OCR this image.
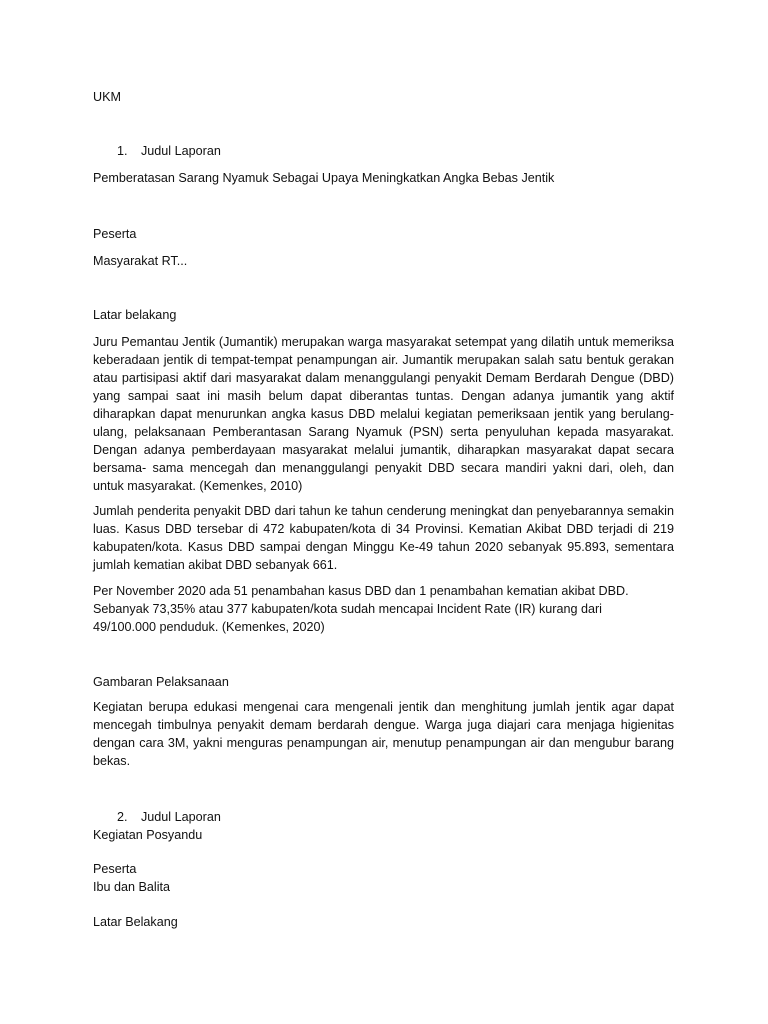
UKM

1. Judul Laporan

Pemberatasan Sarang Nyamuk Sebagai Upaya Meningkatkan Angka Bebas Jentik

Peserta

Masyarakat RT...

Latar belakang

Juru Pemantau Jentik (Jumantik) merupakan warga masyarakat setempat yang dilatih untuk memeriksa keberadaan jentik di tempat-tempat penampungan air. Jumantik merupakan salah satu bentuk gerakan atau partisipasi aktif dari masyarakat dalam menanggulangi penyakit Demam Berdarah Dengue (DBD) yang sampai saat ini masih belum dapat diberantas tuntas. Dengan adanya jumantik yang aktif diharapkan dapat menurunkan angka kasus DBD melalui kegiatan pemeriksaan jentik yang berulang-ulang, pelaksanaan Pemberantasan Sarang Nyamuk (PSN) serta penyuluhan kepada masyarakat. Dengan adanya pemberdayaan masyarakat melalui jumantik, diharapkan masyarakat dapat secara bersama- sama mencegah dan menanggulangi penyakit DBD secara mandiri yakni dari, oleh, dan untuk masyarakat. (Kemenkes, 2010)

Jumlah penderita penyakit DBD dari tahun ke tahun cenderung meningkat dan penyebarannya semakin luas. Kasus DBD tersebar di 472 kabupaten/kota di 34 Provinsi. Kematian Akibat DBD terjadi di 219 kabupaten/kota. Kasus DBD sampai dengan Minggu Ke-49 tahun 2020 sebanyak 95.893, sementara jumlah kematian akibat DBD sebanyak 661.

Per November 2020 ada 51 penambahan kasus DBD dan 1 penambahan kematian akibat DBD.
Sebanyak 73,35% atau 377 kabupaten/kota sudah mencapai Incident Rate (IR) kurang dari
49/100.000 penduduk. (Kemenkes, 2020)

Gambaran Pelaksanaan

Kegiatan berupa edukasi mengenai cara mengenali jentik dan menghitung jumlah jentik agar dapat mencegah timbulnya penyakit demam berdarah dengue. Warga juga diajari cara menjaga higienitas dengan cara 3M, yakni menguras penampungan air, menutup penampungan air dan mengubur barang bekas.

2. Judul Laporan

Kegiatan Posyandu

Peserta

Ibu dan Balita

Latar Belakang
